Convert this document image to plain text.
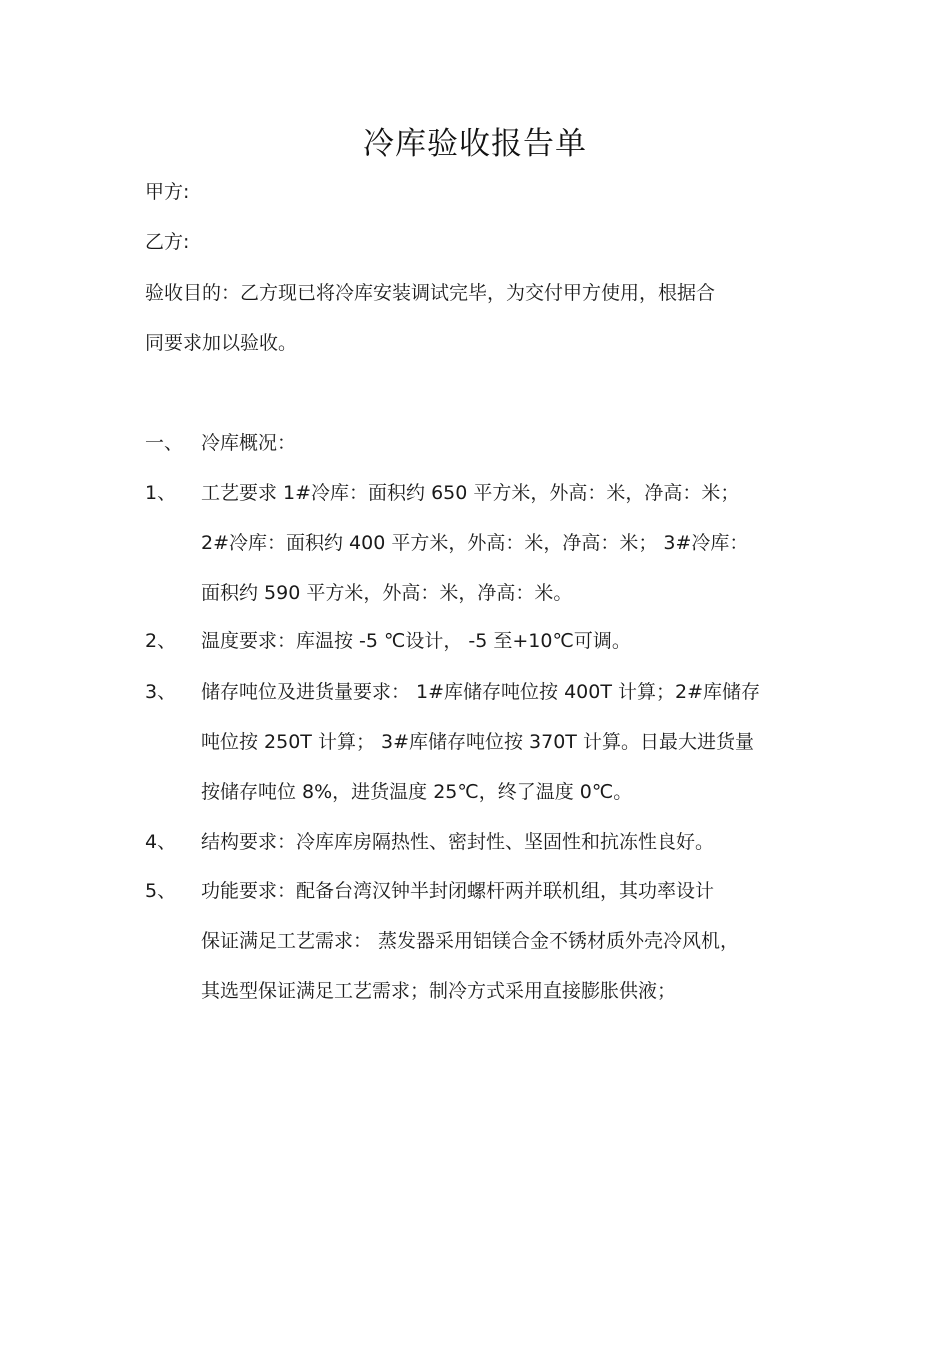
冷库验收报告单
甲方:
乙方:
验收目的：乙方现已将冷库安装调试完毕，为交付甲方使用，根据合
同要求加以验收。
一、 冷库概况：
1、 工艺要求 1#冷库：面积约 650 平方米，外高：米，净高：米；
2#冷库：面积约 400 平方米，外高：米，净高：米； 3#冷库：
面积约 590 平方米，外高：米，净高：米。
2、 温度要求：库温按 -5 ℃设计， -5 至+10℃可调。
3、 储存吨位及进货量要求： 1#库储存吨位按 400T 计算；2#库储存
吨位按 250T 计算； 3#库储存吨位按 370T 计算。日最大进货量
按储存吨位 8%，进货温度 25℃，终了温度 0℃。
4、 结构要求：冷库库房隔热性、密封性、坚固性和抗冻性良好。
5、 功能要求：配备台湾汉钟半封闭螺杆两并联机组，其功率设计
保证满足工艺需求： 蒸发器采用铝镁合金不锈材质外壳冷风机，
其选型保证满足工艺需求；制冷方式采用直接膨胀供液；
